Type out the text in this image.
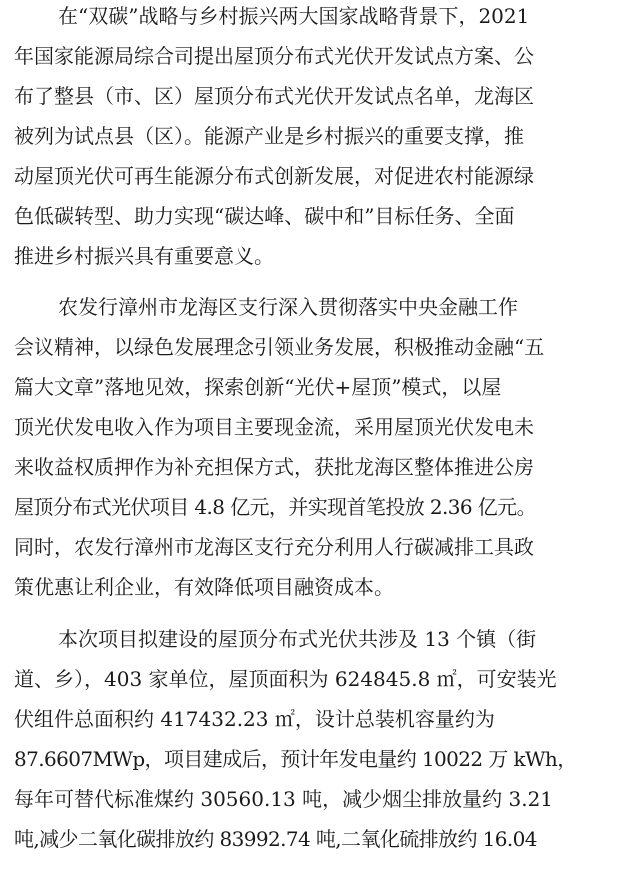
在“双碳”战略与乡村振兴两大国家战略背景下，2021
年国家能源局综合司提出屋顶分布式光伏开发试点方案、公
布了整县（市、区）屋顶分布式光伏开发试点名单，龙海区
被列为试点县（区）。能源产业是乡村振兴的重要支撑，推
动屋顶光伏可再生能源分布式创新发展，对促进农村能源绿
色低碳转型、助力实现“碳达峰、碳中和”目标任务、全面
推进乡村振兴具有重要意义。
农发行漳州市龙海区支行深入贯彻落实中央金融工作
会议精神，以绿色发展理念引领业务发展，积极推动金融“五
篇大文章”落地见效，探索创新“光伏+屋顶”模式，以屋
顶光伏发电收入作为项目主要现金流，采用屋顶光伏发电未
来收益权质押作为补充担保方式，获批龙海区整体推进公房
屋顶分布式光伏项目 4.8 亿元，并实现首笔投放 2.36 亿元。
同时，农发行漳州市龙海区支行充分利用人行碳减排工具政
策优惠让利企业，有效降低项目融资成本。
本次项目拟建设的屋顶分布式光伏共涉及 13 个镇（街
道、乡），403 家单位，屋顶面积为 624845.8 ㎡，可安装光
伏组件总面积约 417432.23 ㎡，设计总装机容量约为
87.6607MWp，项目建成后，预计年发电量约 10022 万 kWh，
每年可替代标准煤约 30560.13 吨，减少烟尘排放量约 3.21
吨,减少二氧化碳排放约 83992.74 吨,二氧化硫排放约 16.04
